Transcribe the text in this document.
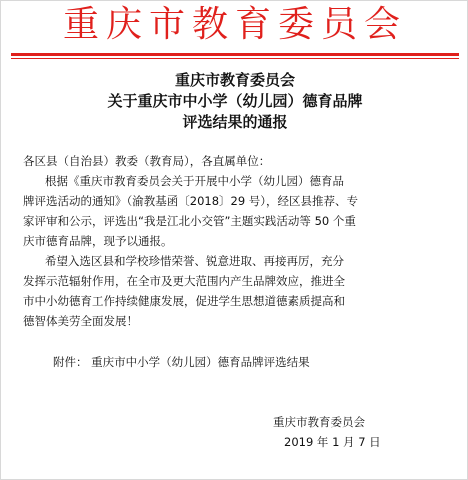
重庆市教育委员会
重庆市教育委员会
关于重庆市中小学（幼儿园）德育品牌
评选结果的通报
各区县（自治县）教委（教育局），各直属单位：
根据《重庆市教育委员会关于开展中小学（幼儿园）德育品
牌评选活动的通知》（渝教基函〔2018〕29 号），经区县推荐、专
家评审和公示，评选出“我是江北小交管”主题实践活动等 50 个重
庆市德育品牌，现予以通报。
希望入选区县和学校珍惜荣誉、锐意进取、再接再厉，充分
发挥示范辐射作用，在全市及更大范围内产生品牌效应，推进全
市中小幼德育工作持续健康发展，促进学生思想道德素质提高和
德智体美劳全面发展！
附件： 重庆市中小学（幼儿园）德育品牌评选结果
重庆市教育委员会
2019 年 1 月 7 日
